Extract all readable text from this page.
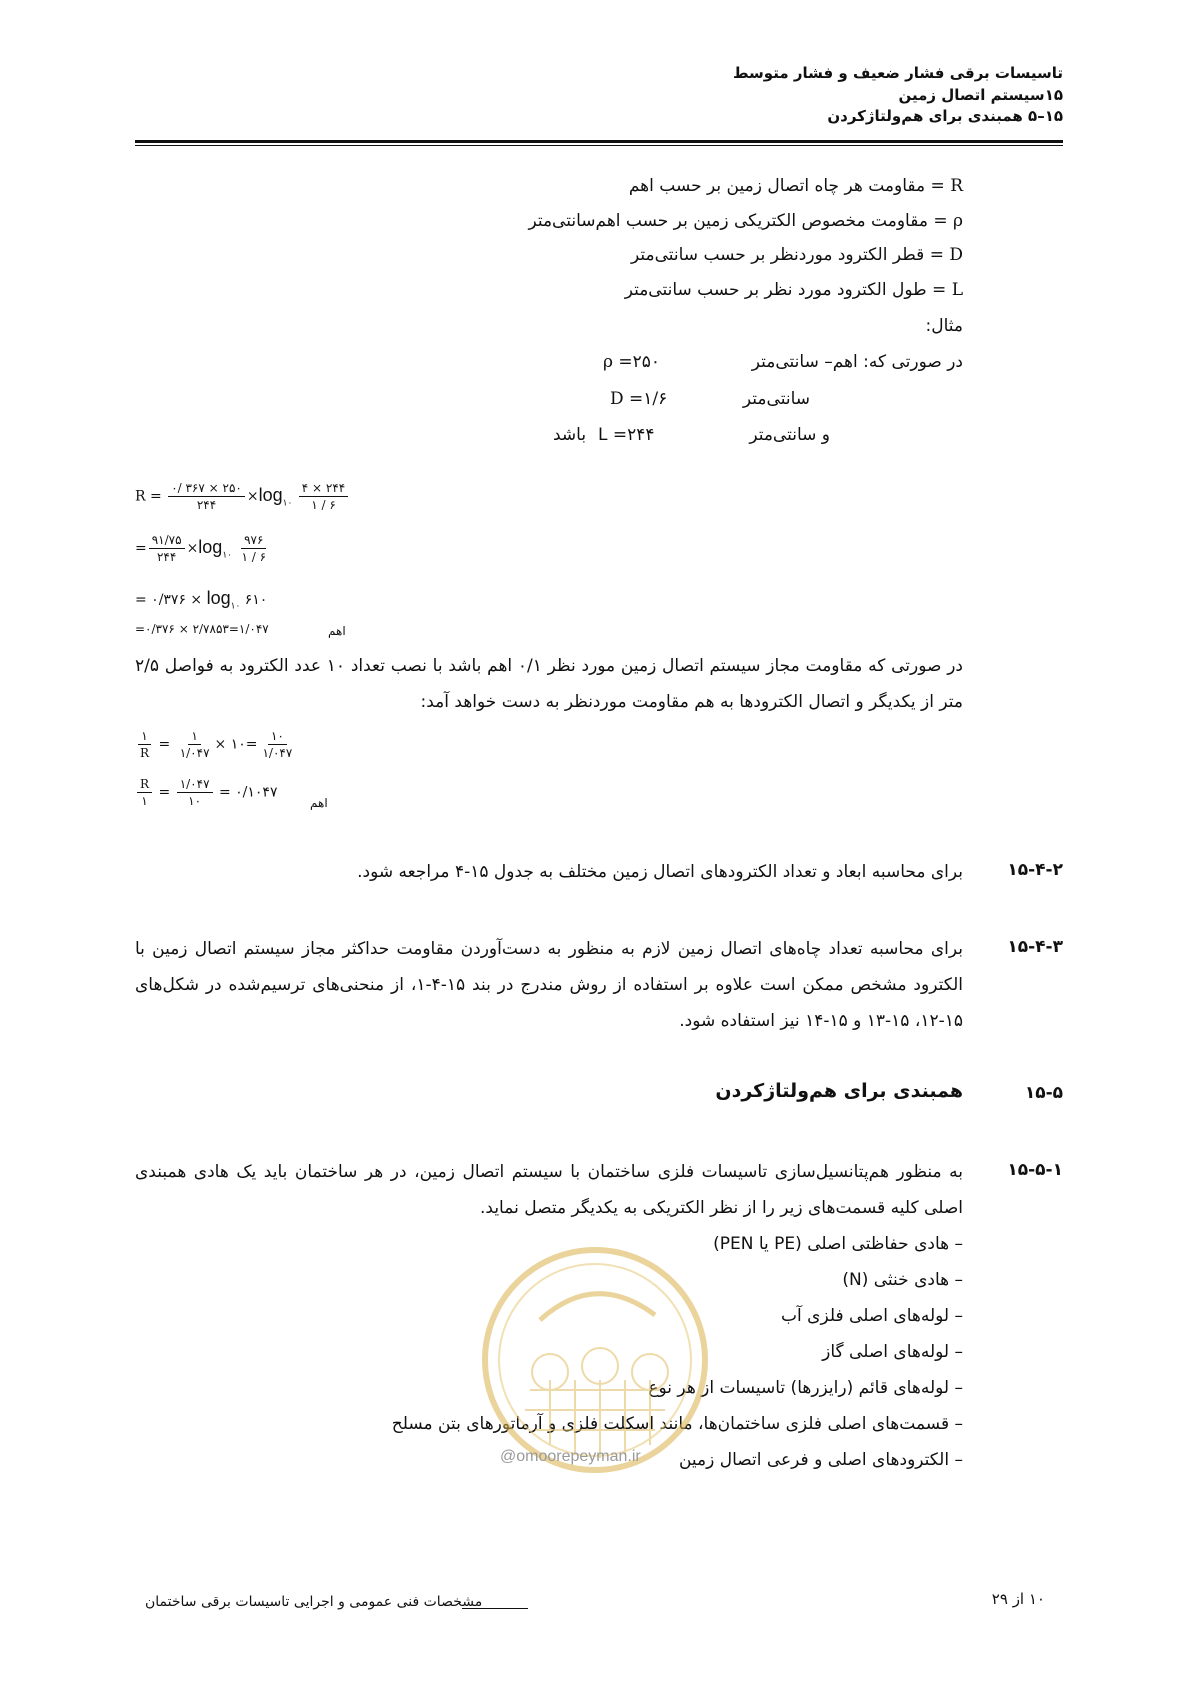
تاسیسات برقی فشار ضعیف و فشار متوسط
۱۵سیستم اتصال زمین
۱۵–۵ همبندی برای هم‌ولتاژکردن
R = مقاومت هر چاه اتصال زمین بر حسب اهم
ρ = مقاومت مخصوص الکتریکی زمین بر حسب اهم‌سانتی‌متر
D = قطر الکترود موردنظر بر حسب سانتی‌متر
L = طول الکترود مورد نظر بر حسب سانتی‌متر
مثال:
در صورتی که: اهم– سانتی‌متر
ρ =۲۵۰
سانتی‌متر
D =۱/۶
و سانتی‌متر
L =۲۴۴
باشد
$R = \frac{۰/ ۳۶۷ \times ۲۵۰}{۲۴۴} \times\log_{۱۰} \frac{۴ \times ۲۴۴}{۱ / ۶}$
= $\frac{۹۱/۷۵}{۲۴۴} \times\log_{۱۰} \frac{۹۷۶}{۱ / ۶}$
= ۰/۳۷۶ × $\log_{۱۰}$ ۶۱۰
=۰/۳۷۶ × ۲/۷۸۵۳=۱/۰۴۷	اهم
در صورتی که مقاومت مجاز سیستم اتصال زمین مورد نظر ۰/۱ اهم باشد با نصب تعداد ۱۰ عدد الکترود به فواصل ۲/۵ متر از یکدیگر و اتصال الکترودها به هم مقاومت موردنظر به دست خواهد آمد:
$\frac{۱}{R} = \frac{۱}{۱/۰۴۷}$ × ۱۰= $\frac{۱۰}{۱/۰۴۷}$
$\frac{R}{۱} = \frac{۱/۰۴۷}{۱۰}$ = ۰/۱۰۴۷
اهم
۱۵-۴-۲
برای محاسبه ابعاد و تعداد الکترودهای اتصال زمین مختلف به جدول ۱۵-۴ مراجعه شود.
۱۵-۴-۳
برای محاسبه تعداد چاه‌های اتصال زمین لازم به منظور به دست‌آوردن مقاومت حداکثر مجاز سیستم اتصال زمین با الکترود مشخص ممکن است علاوه بر استفاده از روش مندرج در بند ۱۵-۴-۱، از منحنی‌های ترسیم‌شده در شکل‌های ۱۵-۱۲، ۱۵-۱۳ و ۱۵-۱۴ نیز استفاده شود.
۱۵-۵
همبندی برای هم‌ولتاژکردن
۱۵-۵-۱
به منظور هم‌پتانسیل‌سازی تاسیسات فلزی ساختمان با سیستم اتصال زمین، در هر ساختمان باید یک هادی همبندی اصلی کلیه قسمت‌های زیر را از نظر الکتریکی به یکدیگر متصل نماید.
– هادی حفاظتی اصلی (PE یا PEN)
– هادی خنثی (N)
– لوله‌های اصلی فلزی آب
– لوله‌های اصلی گاز
– لوله‌های قائم (رایزرها) تاسیسات از هر نوع
– قسمت‌های اصلی فلزی ساختمان‌ها، مانند اسکلت فلزی و آرماتورهای بتن مسلح
– الکترودهای اصلی و فرعی اتصال زمین
@omoorepeyman.ir
مشخصات فنی عمومی و اجرایی تاسیسات برقی ساختمان	۱۰ از ۲۹
